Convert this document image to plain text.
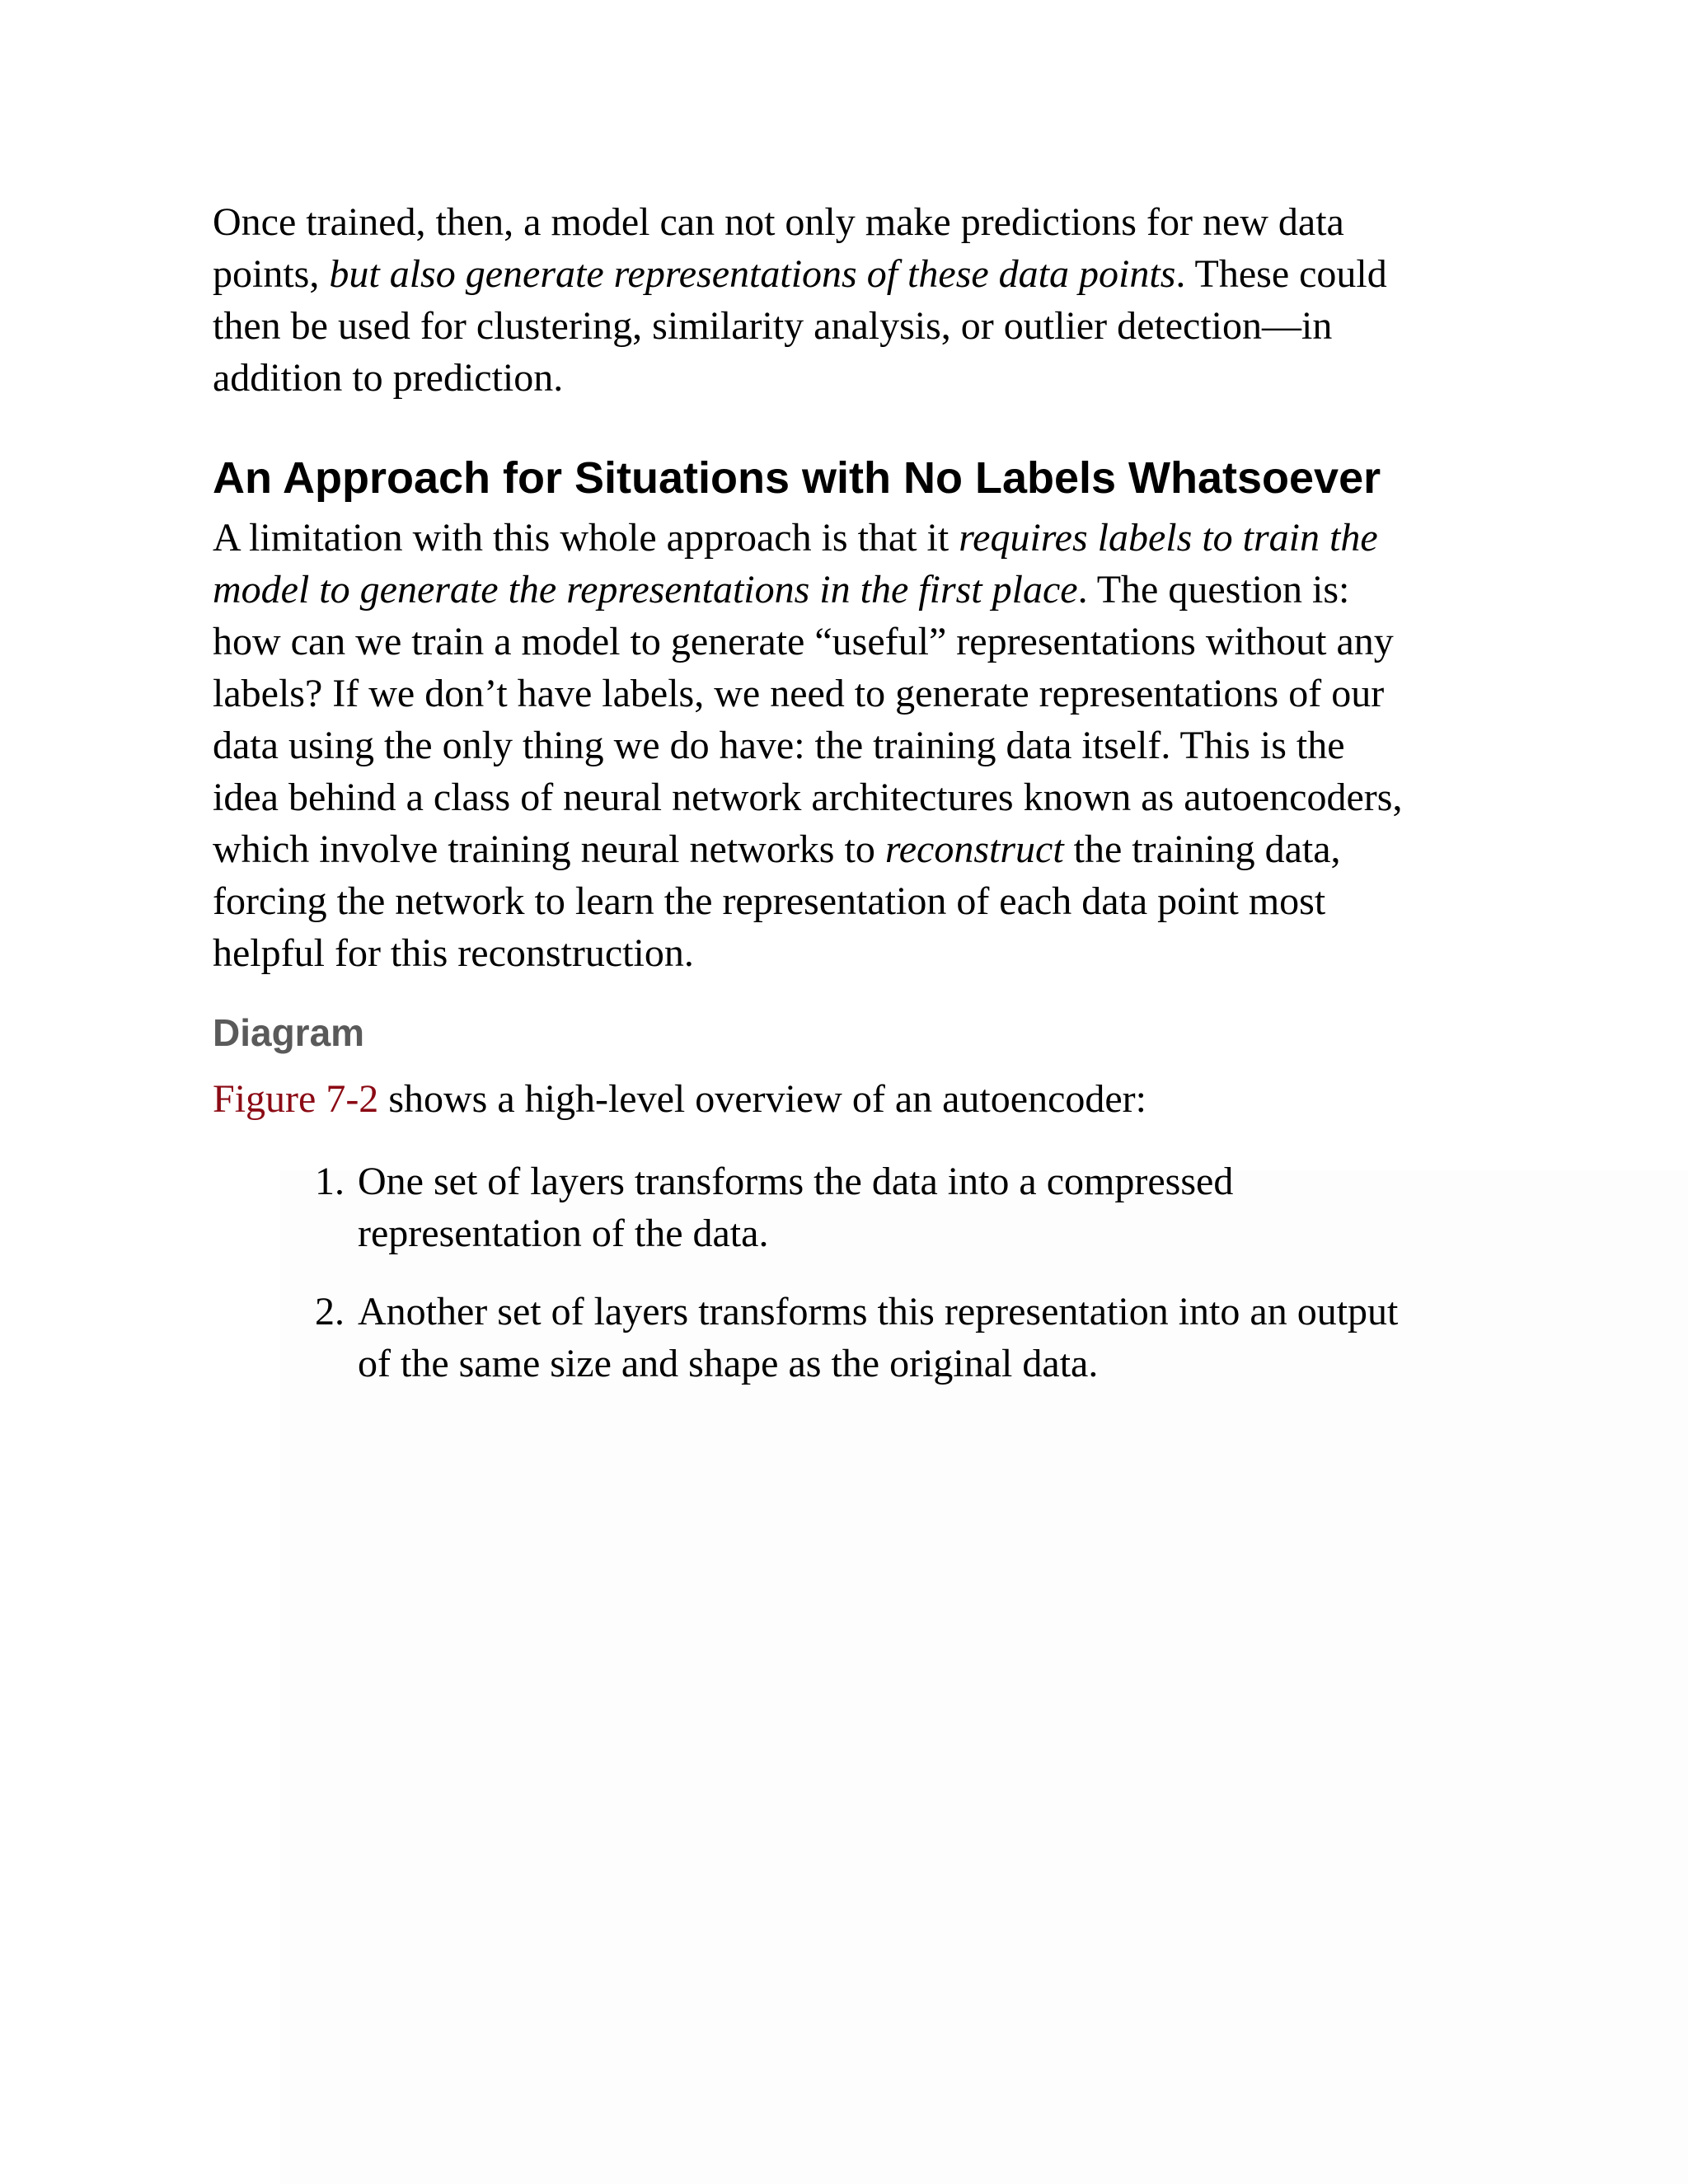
Once trained, then, a model can not only make predictions for new data
points, but also generate representations of these data points. These could
then be used for clustering, similarity analysis, or outlier detection—in
addition to prediction.

An Approach for Situations with No Labels Whatsoever

A limitation with this whole approach is that it requires labels to train the
model to generate the representations in the first place. The question is:
how can we train a model to generate “useful” representations without any
labels? If we don’t have labels, we need to generate representations of our
data using the only thing we do have: the training data itself. This is the
idea behind a class of neural network architectures known as autoencoders,
which involve training neural networks to reconstruct the training data,
forcing the network to learn the representation of each data point most
helpful for this reconstruction.

Diagram

Figure 7-2 shows a high-level overview of an autoencoder:

1. One set of layers transforms the data into a compressed
representation of the data.
2. Another set of layers transforms this representation into an output
of the same size and shape as the original data.
